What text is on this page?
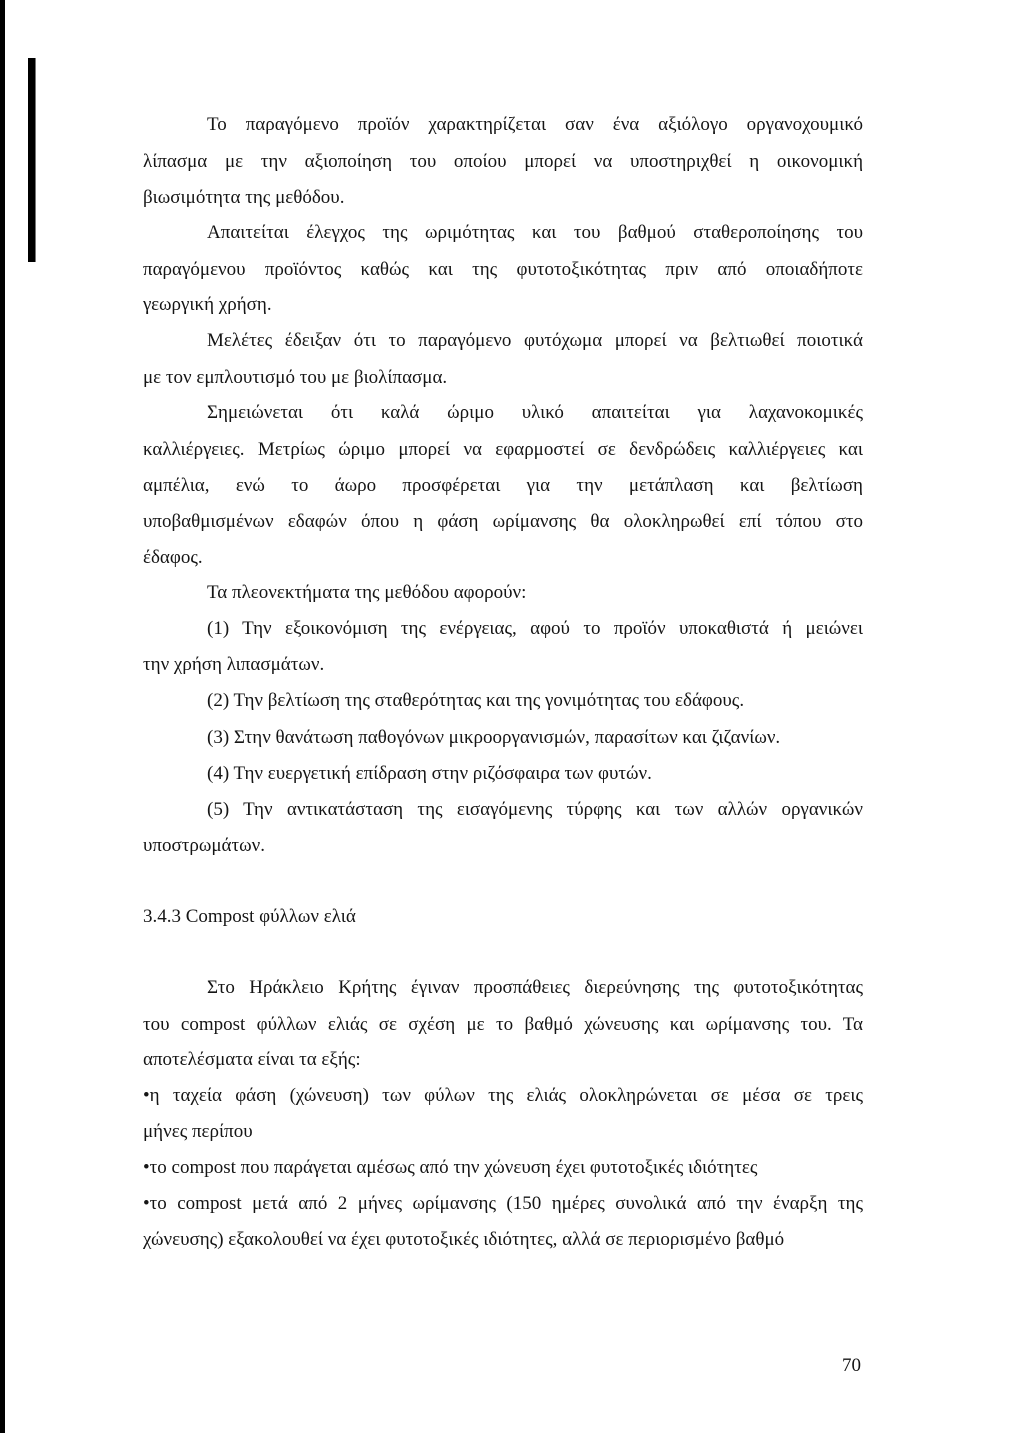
Το παραγόμενο προϊόν χαρακτηρίζεται σαν ένα αξιόλογο οργανοχουμικό
λίπασμα με την αξιοποίηση του οποίου μπορεί να υποστηριχθεί η οικονομική
βιωσιμότητα της μεθόδου.
Απαιτείται έλεγχος της ωριμότητας και του βαθμού σταθεροποίησης του
παραγόμενου προϊόντος καθώς και της φυτοτοξικότητας πριν από οποιαδήποτε
γεωργική χρήση.
Μελέτες έδειξαν ότι το παραγόμενο φυτόχωμα μπορεί να βελτιωθεί ποιοτικά
με τον εμπλουτισμό του με βιολίπασμα.
Σημειώνεται ότι καλά ώριμο υλικό απαιτείται για λαχανοκομικές
καλλιέργειες. Μετρίως ώριμο μπορεί να εφαρμοστεί σε δενδρώδεις καλλιέργειες και
αμπέλια, ενώ το άωρο προσφέρεται για την μετάπλαση και βελτίωση
υποβαθμισμένων εδαφών όπου η φάση ωρίμανσης θα ολοκληρωθεί επί τόπου στο
έδαφος.
Τα πλεονεκτήματα της μεθόδου αφορούν:
(1) Την εξοικονόμιση της ενέργειας, αφού το προϊόν υποκαθιστά ή μειώνει
την χρήση λιπασμάτων.
(2) Την βελτίωση της σταθερότητας και της γονιμότητας του εδάφους.
(3) Στην θανάτωση παθογόνων μικροοργανισμών, παρασίτων και ζιζανίων.
(4) Την ευεργετική επίδραση στην ριζόσφαιρα των φυτών.
(5) Την αντικατάσταση της εισαγόμενης τύρφης και των αλλών οργανικών
υποστρωμάτων.
3.4.3 Compost φύλλων ελιά
Στο Ηράκλειο Κρήτης έγιναν προσπάθειες διερεύνησης της φυτοτοξικότητας
του compost φύλλων ελιάς σε σχέση με το βαθμό χώνευσης και ωρίμανσης του. Τα
αποτελέσματα είναι τα εξής:
•η ταχεία φάση (χώνευση) των φύλων της ελιάς ολοκληρώνεται σε μέσα σε τρεις
μήνες περίπου
•το compost που παράγεται αμέσως από την χώνευση έχει φυτοτοξικές ιδιότητες
•το compost μετά από 2 μήνες ωρίμανσης (150 ημέρες συνολικά από την έναρξη της
χώνευσης) εξακολουθεί να έχει φυτοτοξικές ιδιότητες, αλλά σε περιορισμένο βαθμό
70
